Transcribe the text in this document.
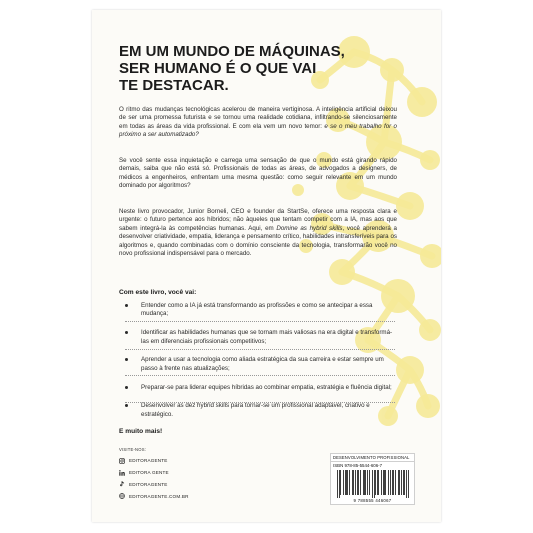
EM UM MUNDO DE MÁQUINAS,
SER HUMANO É O QUE VAI
TE DESTACAR.

O ritmo das mudanças tecnológicas acelerou de maneira vertiginosa. A inteligência artificial deixou de ser uma promessa futurista e se tornou uma realidade cotidiana, infiltrando-se silenciosamente em todas as áreas da vida profissional. E com ela vem um novo temor: e se o meu trabalho for o próximo a ser automatizado?

Se você sente essa inquietação e carrega uma sensação de que o mundo está girando rápido demais, saiba que não está só. Profissionais de todas as áreas, de advogados a designers, de médicos a engenheiros, enfrentam uma mesma questão: como seguir relevante em um mundo dominado por algoritmos?

Neste livro provocador, Junior Borneli, CEO e founder da StartSe, oferece uma resposta clara e urgente: o futuro pertence aos híbridos; não àqueles que tentam competir com a IA, mas aos que sabem integrá-la às competências humanas. Aqui, em Domine as hybrid skills, você aprenderá a desenvolver criatividade, empatia, liderança e pensamento crítico, habilidades intransferíveis para os algoritmos e, quando combinadas com o domínio consciente da tecnologia, transformarão você no novo profissional indispensável para o mercado.

Com este livro, você vai:
Entender como a IA já está transformando as profissões e como se antecipar a essa mudança;
Identificar as habilidades humanas que se tornam mais valiosas na era digital e transformá-las em diferenciais profissionais competitivos;
Aprender a usar a tecnologia como aliada estratégica da sua carreira e estar sempre um passo à frente nas atualizações;
Preparar-se para liderar equipes híbridas ao combinar empatia, estratégia e fluência digital;
Desenvolver as dez hybrid skills para tornar-se um profissional adaptável, criativo e estratégico.
E muito mais!
VISITE-NOS:
EDITORAGENTE
EDITORA GENTE
EDITORAGENTE
EDITORAGENTE.COM.BR
DESENVOLVIMENTO PROFISSIONAL
ISBN 978-85-5544-606-7
9 788555 446067
